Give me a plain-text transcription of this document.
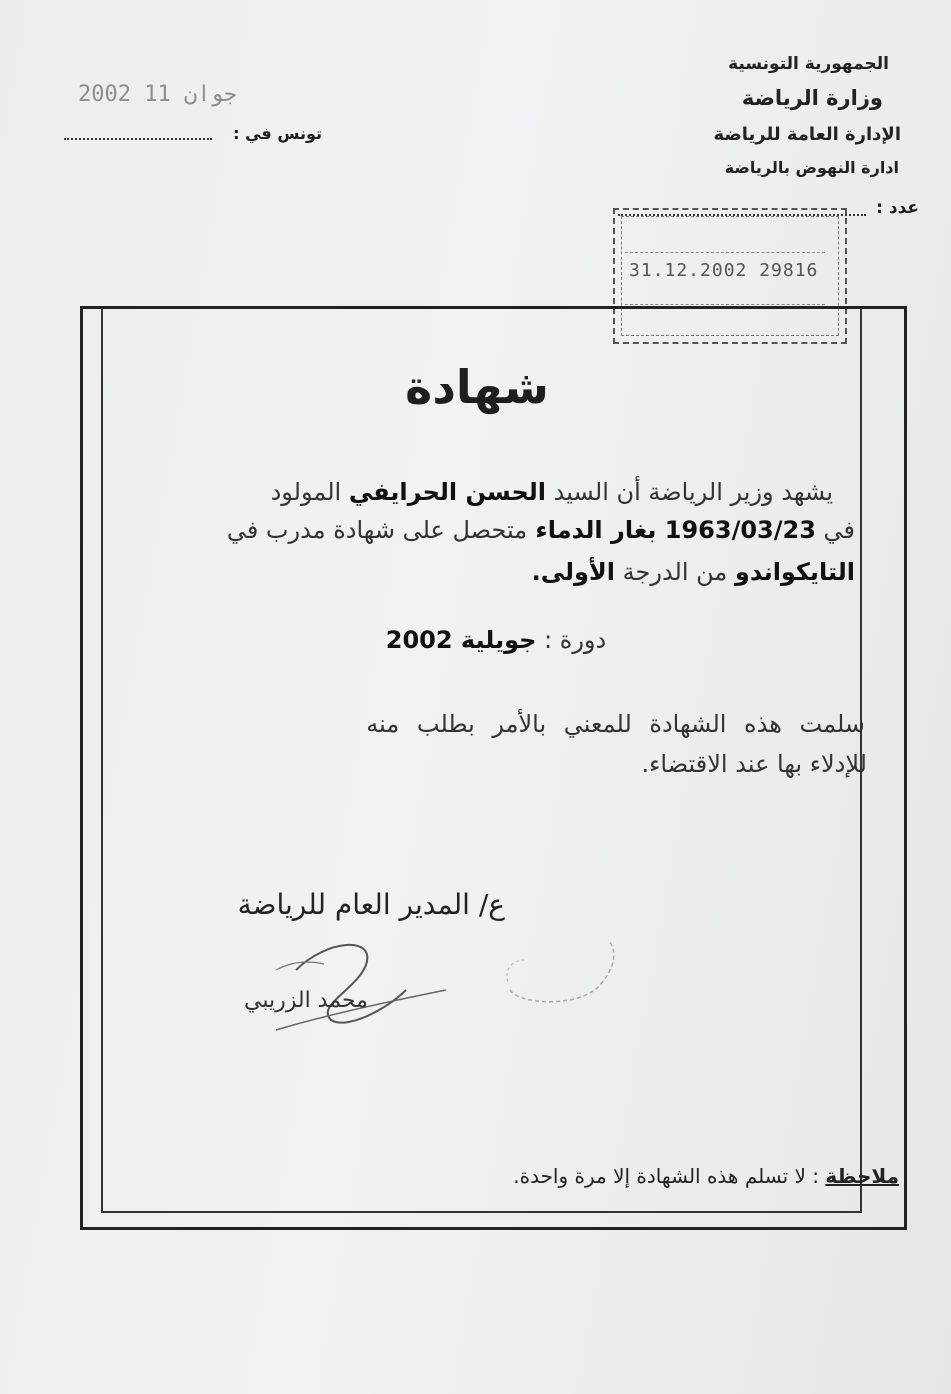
2002 جوان 11
الجمهورية التونسية
وزارة الرياضة
الإدارة العامة للرياضة
ادارة النهوض بالرياضة
تونس في :
عدد :
31.12.2002 29816
شهادة
يشهد وزير الرياضة أن السيد الحسن الحرايفي المولود
في 1963/03/23 بغار الدماء متحصل على شهادة مدرب في
التايكواندو من الدرجة الأولى.
دورة : جويلية 2002
سلمت هذه الشهادة للمعني بالأمر بطلب منه
للإدلاء بها عند الاقتضاء.
ع/ المدير العام للرياضة
محمد الزريبي
ملاحظة : لا تسلم هذه الشهادة إلا مرة واحدة.
